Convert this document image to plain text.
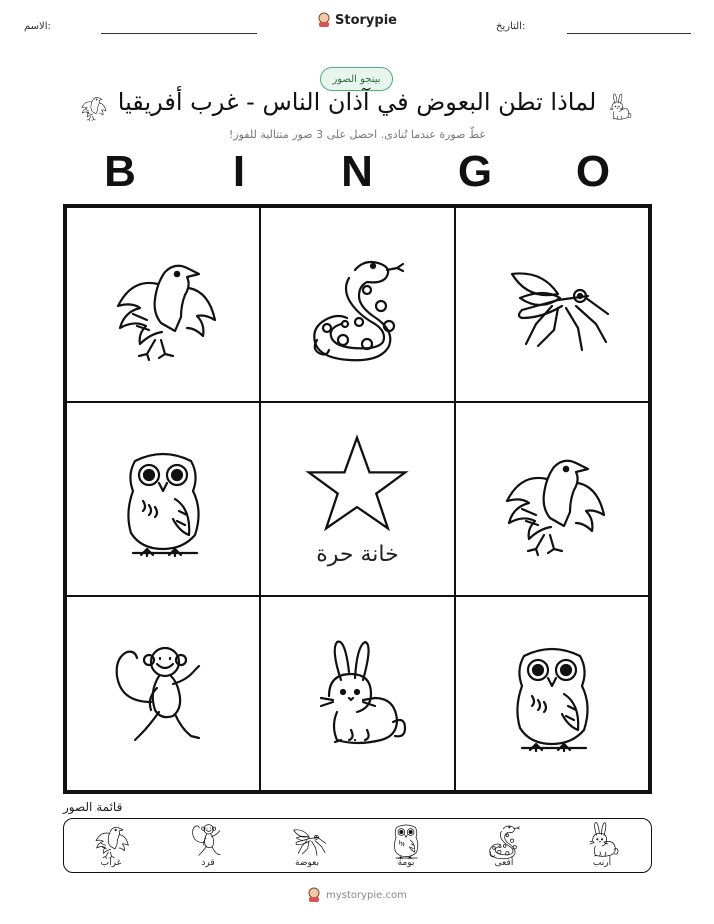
الاسم:	Storypie	التاريخ:
بينجو الصور
لماذا تطن البعوض في آذان الناس - غرب أفريقيا
غطّ صورة عندما تُنادى. احصل على 3 صور متتالية للفوز!
B	I	N	G	O
خانة حرة
قائمة الصور
غراب	قرد	بعوضة	بومة	أفعى	أرنب
mystorypie.com
